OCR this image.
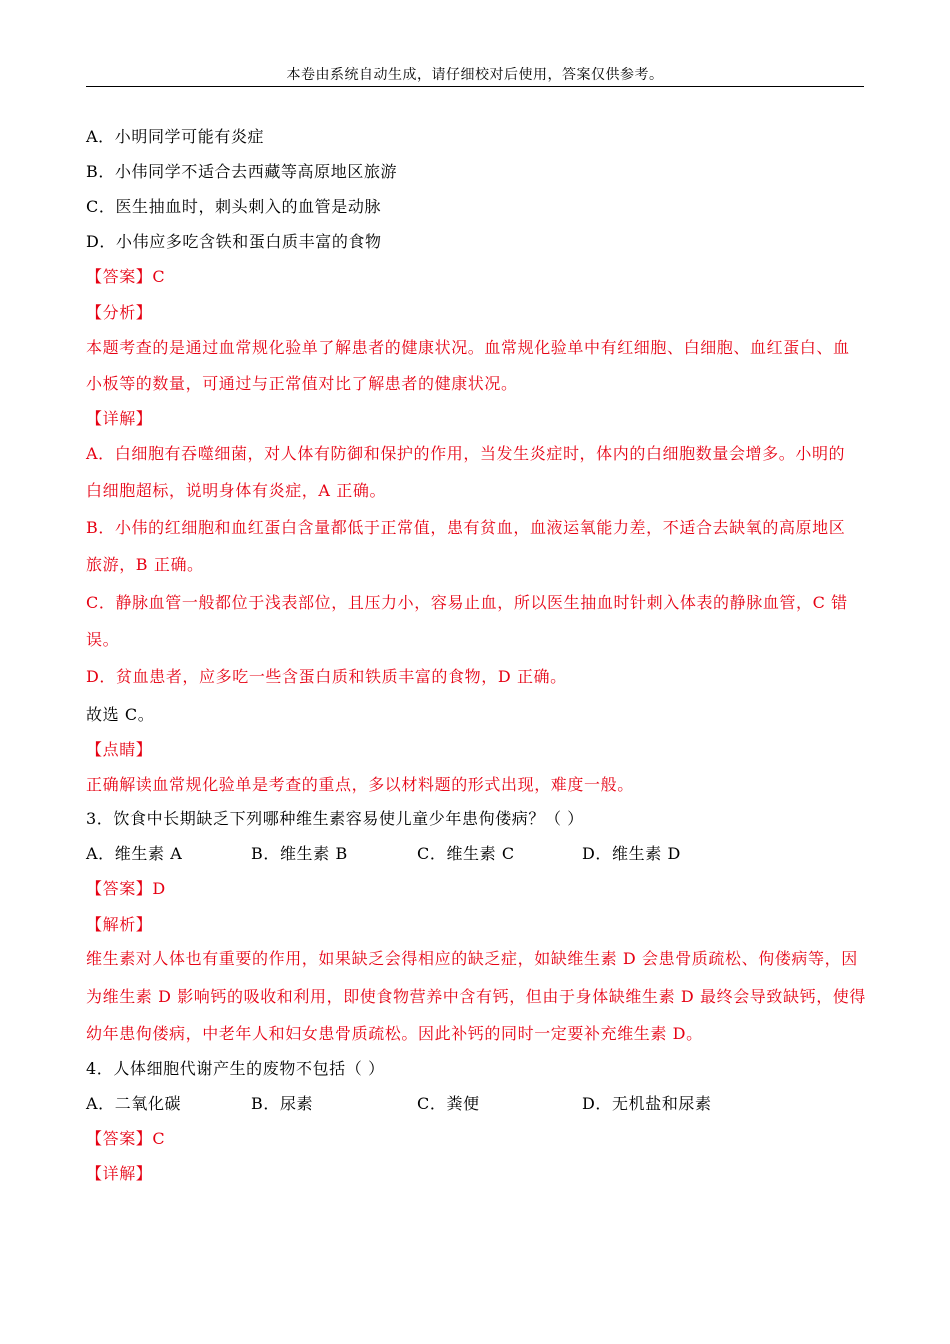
本卷由系统自动生成，请仔细校对后使用，答案仅供参考。
A．小明同学可能有炎症
B．小伟同学不适合去西藏等高原地区旅游
C．医生抽血时，刺头刺入的血管是动脉
D．小伟应多吃含铁和蛋白质丰富的食物
【答案】C
【分析】
本题考查的是通过血常规化验单了解患者的健康状况。血常规化验单中有红细胞、白细胞、血红蛋白、血
小板等的数量，可通过与正常值对比了解患者的健康状况。
【详解】
A．白细胞有吞噬细菌，对人体有防御和保护的作用，当发生炎症时，体内的白细胞数量会增多。小明的
白细胞超标，说明身体有炎症，A 正确。
B．小伟的红细胞和血红蛋白含量都低于正常值，患有贫血，血液运氧能力差，不适合去缺氧的高原地区
旅游，B 正确。
C．静脉血管一般都位于浅表部位，且压力小，容易止血，所以医生抽血时针刺入体表的静脉血管，C 错
误。
D．贫血患者，应多吃一些含蛋白质和铁质丰富的食物，D 正确。
故选 C。
【点睛】
正确解读血常规化验单是考查的重点，多以材料题的形式出现，难度一般。
3．饮食中长期缺乏下列哪种维生素容易使儿童少年患佝偻病？（ ）
A．维生素 A	B．维生素 B	C．维生素 C	D．维生素 D
【答案】D
【解析】
维生素对人体也有重要的作用，如果缺乏会得相应的缺乏症，如缺维生素 D 会患骨质疏松、佝偻病等，因
为维生素 D 影响钙的吸收和利用，即使食物营养中含有钙，但由于身体缺维生素 D 最终会导致缺钙，使得
幼年患佝偻病，中老年人和妇女患骨质疏松。因此补钙的同时一定要补充维生素 D。
4．人体细胞代谢产生的废物不包括（ ）
A．二氧化碳	B．尿素	C．粪便	D．无机盐和尿素
【答案】C
【详解】
